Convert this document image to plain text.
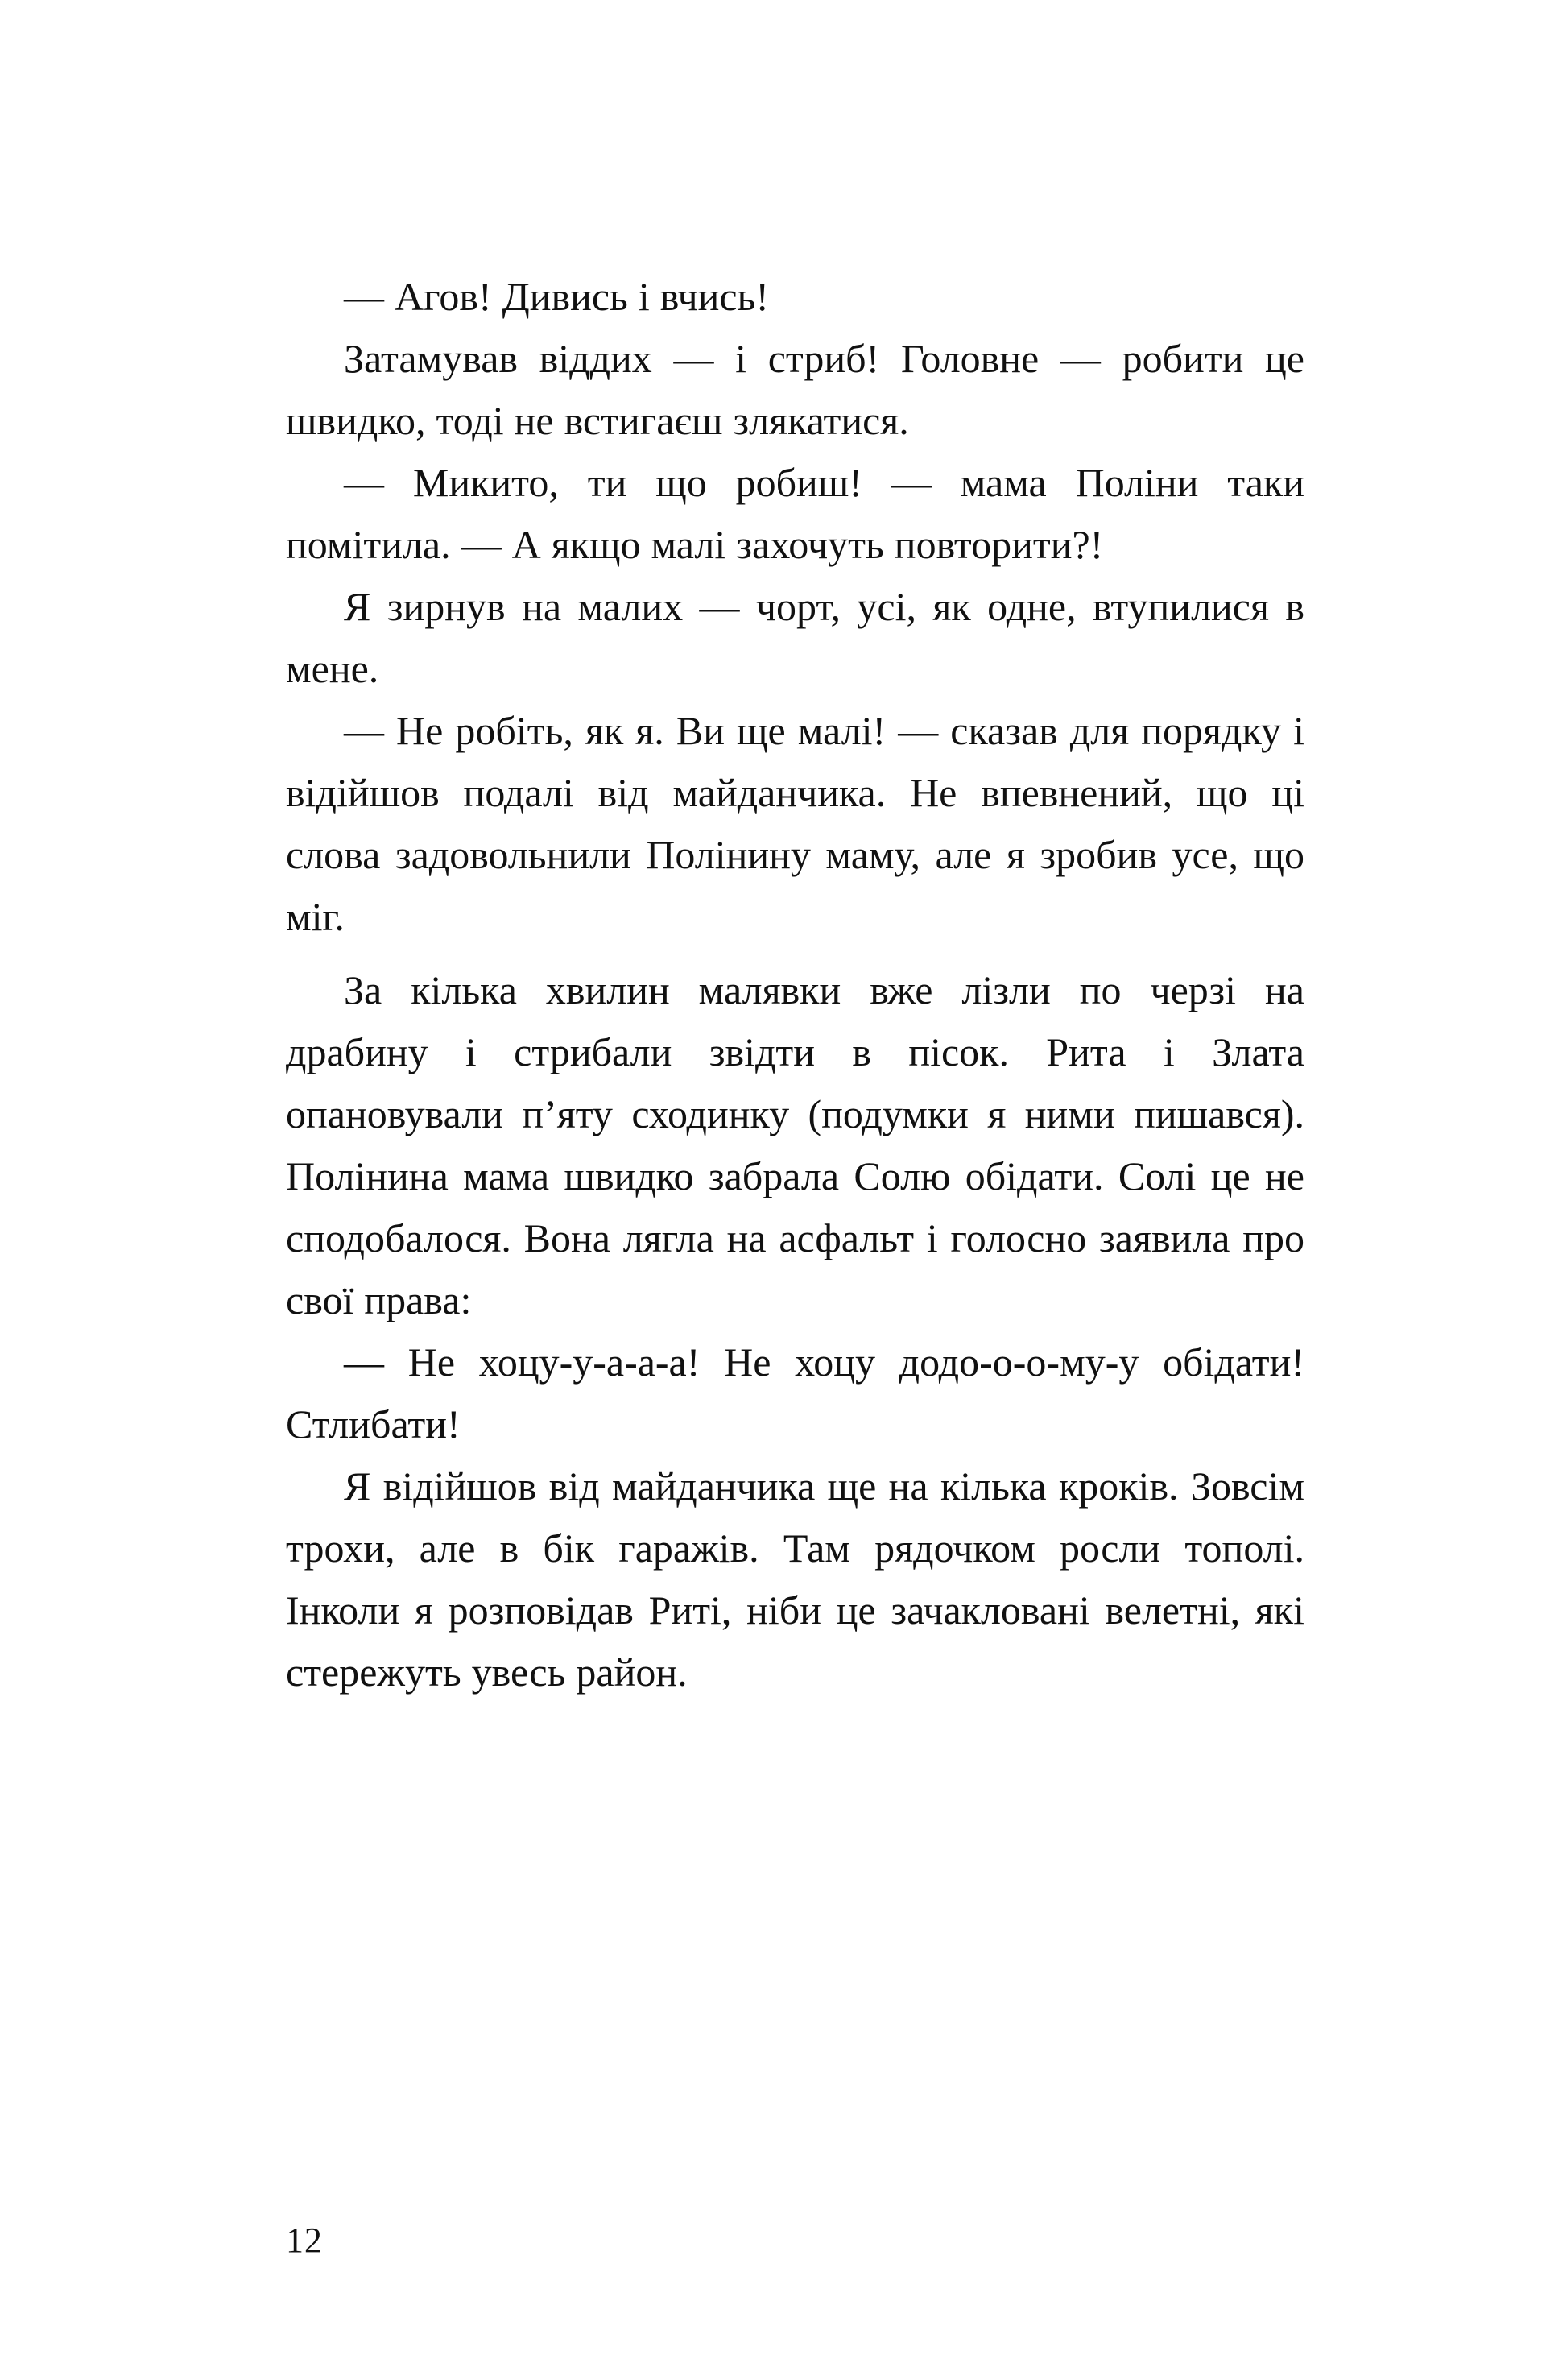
— Агов! Дивись і вчись!

Затамував віддих — і стриб! Головне — робити це швидко, тоді не встигаєш злякатися.

— Микито, ти що робиш! — мама Поліни таки помітила. — А якщо малі захочуть повторити?!

Я зирнув на малих — чорт, усі, як одне, втупилися в мене.

— Не робіть, як я. Ви ще малі! — сказав для порядку і відійшов подалі від майданчика. Не впевнений, що ці слова задовольнили Полінину маму, але я зробив усе, що міг.

За кілька хвилин малявки вже лізли по черзі на драбину і стрибали звідти в пісок. Рита і Злата опановували п’яту сходинку (подумки я ними пишався). Полінина мама швидко забрала Солю обідати. Солі це не сподобалося. Вона лягла на асфальт і голосно заявила про свої права:

— Не хоцу-у-а-а-а! Не хоцу додо-о-о-му-у обідати! Стлибати!

Я відійшов від майданчика ще на кілька кроків. Зовсім трохи, але в бік гаражів. Там рядочком росли тополі. Інколи я розповідав Риті, ніби це зачакловані велетні, які стережуть увесь район.

12
